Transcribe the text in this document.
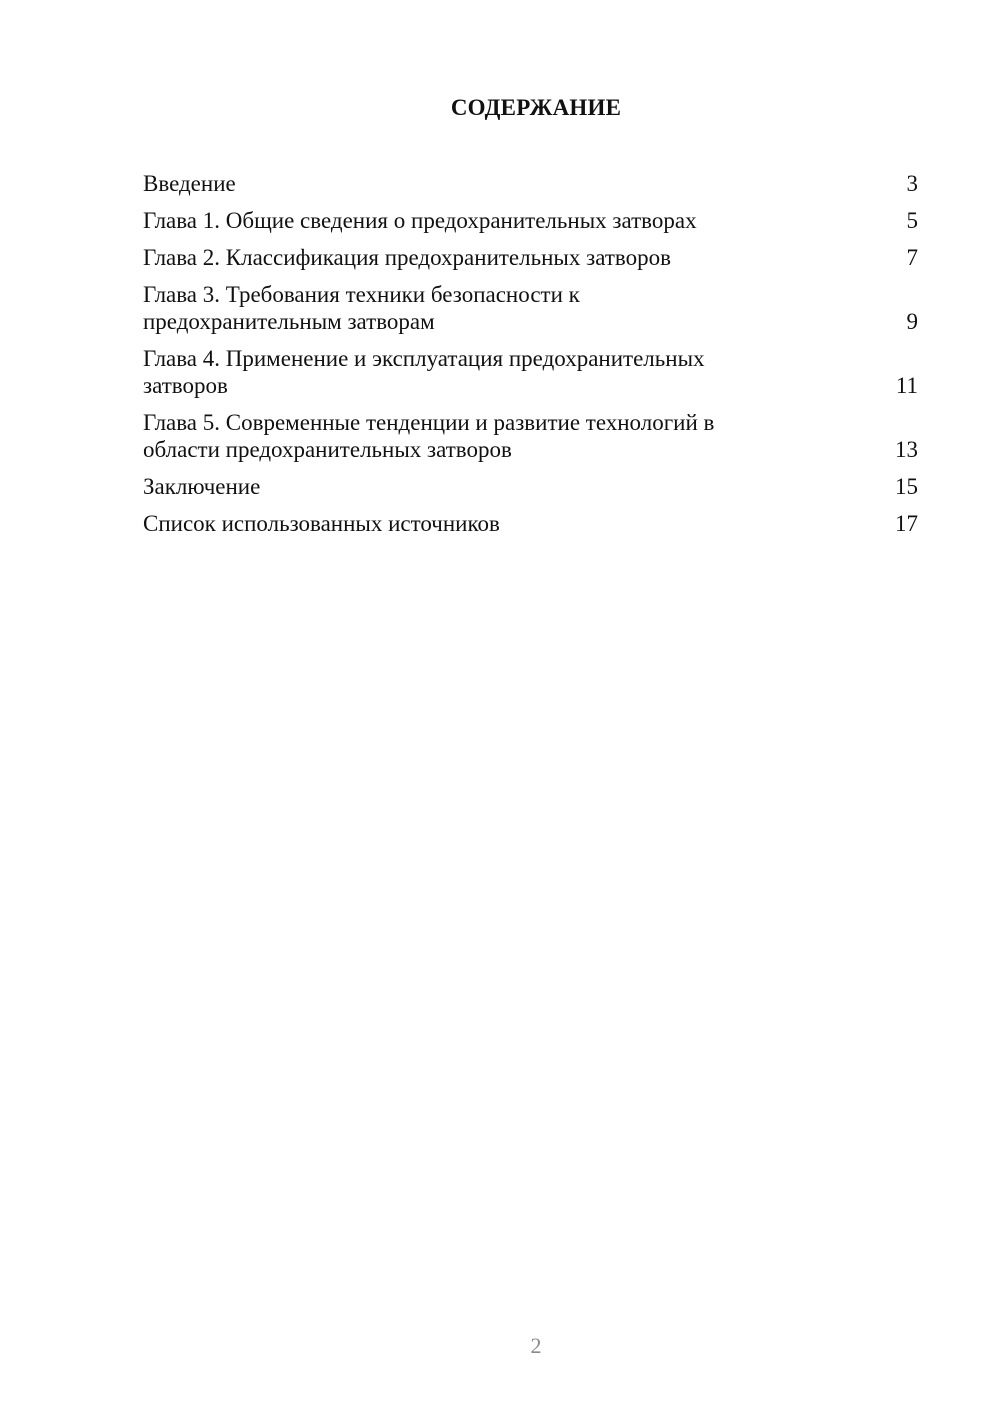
СОДЕРЖАНИЕ
Введение	3
Глава 1. Общие сведения о предохранительных затворах	5
Глава 2. Классификация предохранительных затворов	7
Глава 3. Требования техники безопасности к
предохранительным затворам	9
Глава 4. Применение и эксплуатация предохранительных
затворов	11
Глава 5. Современные тенденции и развитие технологий в
области предохранительных затворов	13
Заключение	15
Список использованных источников	17
2
